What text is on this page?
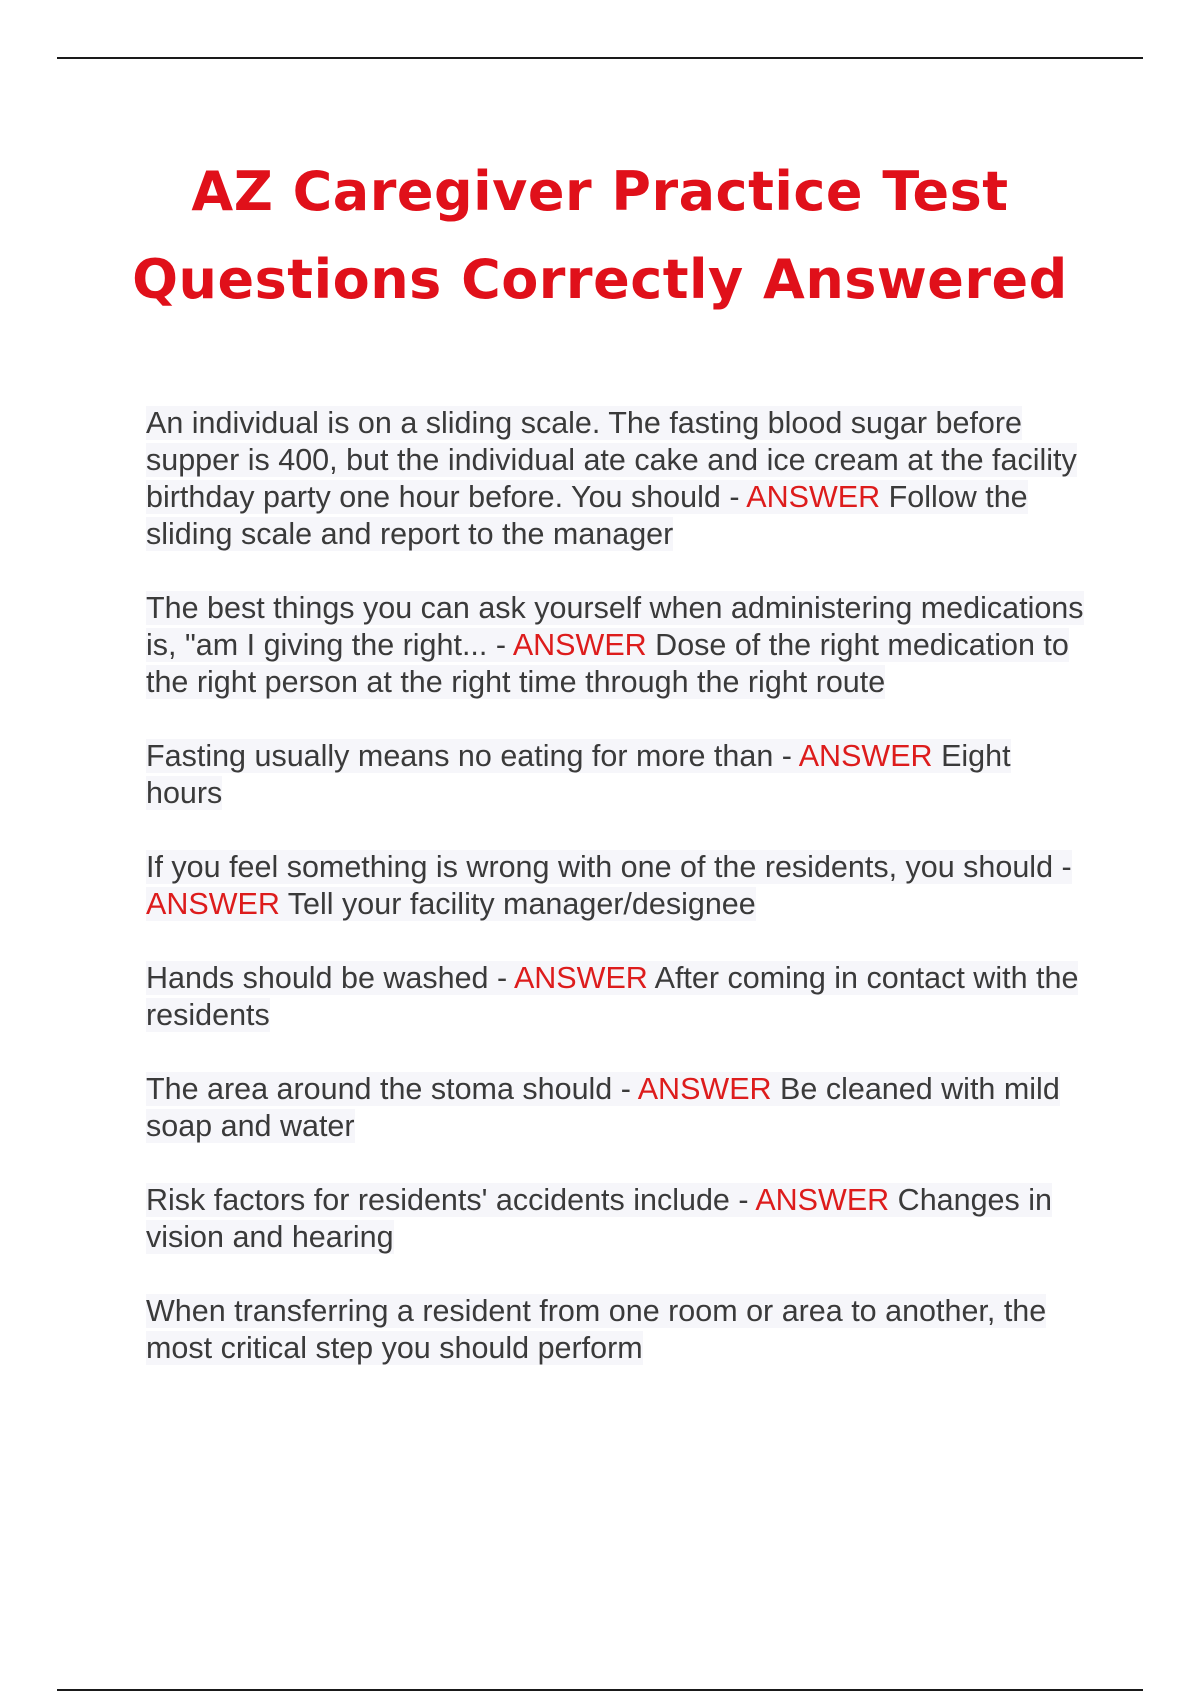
AZ Caregiver Practice Test
Questions Correctly Answered

An individual is on a sliding scale. The fasting blood sugar before supper is 400, but the individual ate cake and ice cream at the facility birthday party one hour before. You should - ANSWER Follow the sliding scale and report to the manager

The best things you can ask yourself when administering medications is, "am I giving the right... - ANSWER Dose of the right medication to the right person at the right time through the right route

Fasting usually means no eating for more than - ANSWER Eight hours

If you feel something is wrong with one of the residents, you should - ANSWER Tell your facility manager/designee

Hands should be washed - ANSWER After coming in contact with the residents

The area around the stoma should - ANSWER Be cleaned with mild soap and water

Risk factors for residents' accidents include - ANSWER Changes in vision and hearing

When transferring a resident from one room or area to another, the most critical step you should perform
